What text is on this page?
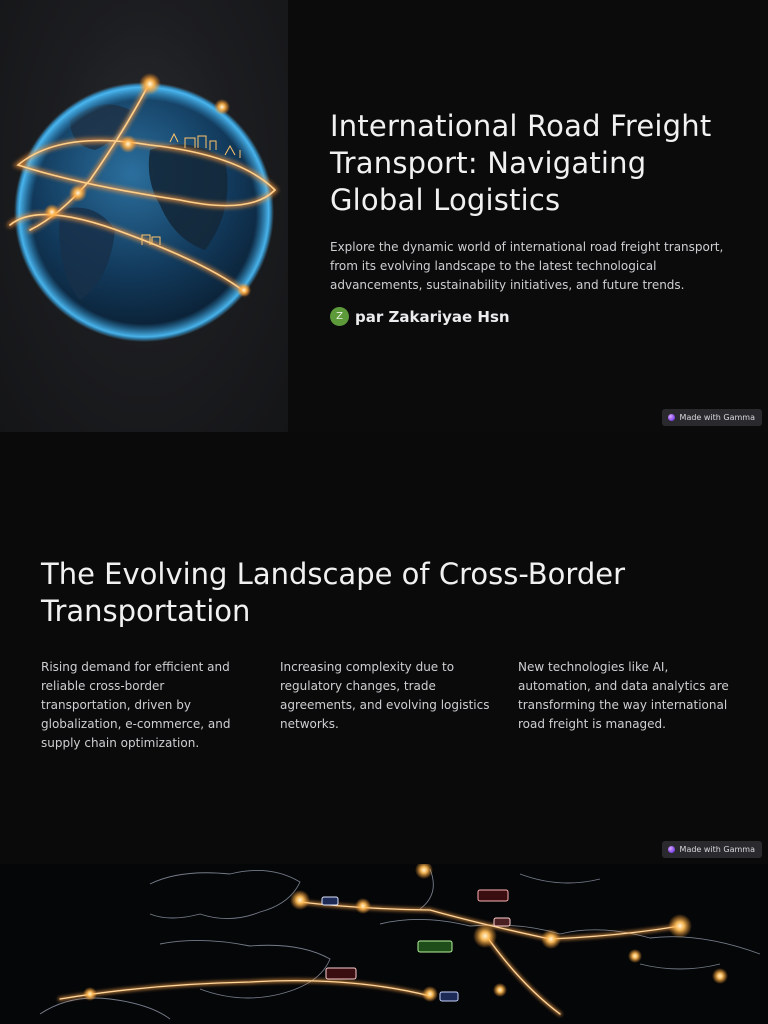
International Road Freight Transport: Navigating Global Logistics

Explore the dynamic world of international road freight transport, from its evolving landscape to the latest technological advancements, sustainability initiatives, and future trends.

Z par Zakariyae Hsn
Made with Gamma
The Evolving Landscape of Cross-Border Transportation

Rising demand for efficient and reliable cross-border transportation, driven by globalization, e-commerce, and supply chain optimization.

Increasing complexity due to regulatory changes, trade agreements, and evolving logistics networks.

New technologies like AI, automation, and data analytics are transforming the way international road freight is managed.

Made with Gamma
